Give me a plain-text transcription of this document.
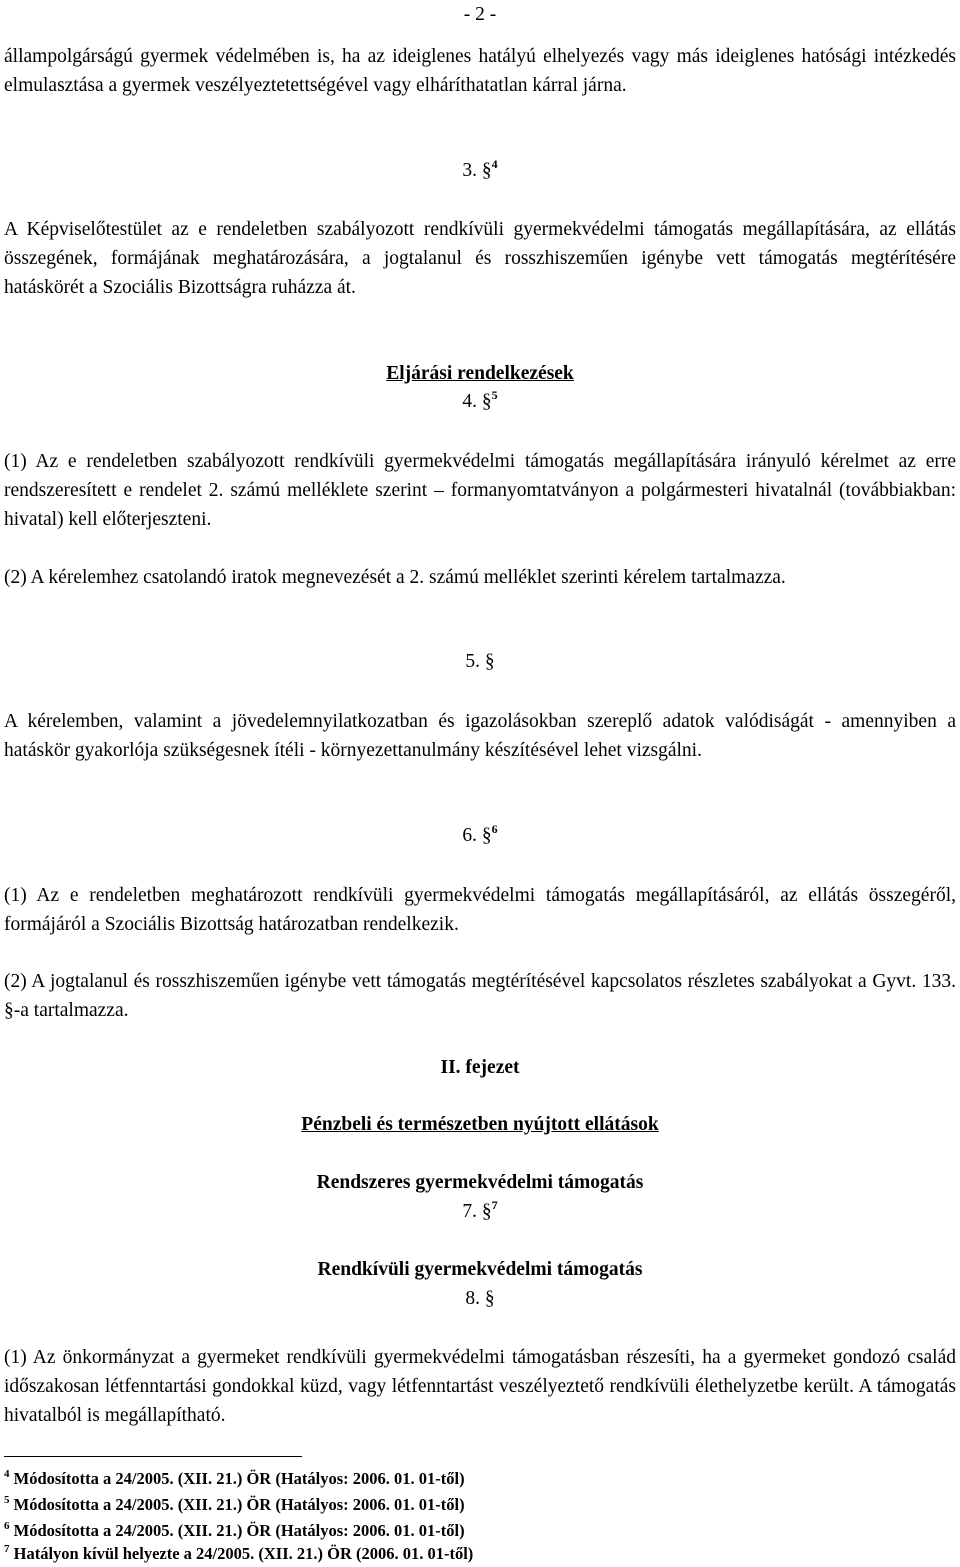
- 2 -

állampolgárságú gyermek védelmében is, ha az ideiglenes hatályú elhelyezés vagy más ideiglenes hatósági intézkedés elmulasztása a gyermek veszélyeztetettségével vagy elháríthatatlan kárral járna.

3. §$^4$

A Képviselőtestület az e rendeletben szabályozott rendkívüli gyermekvédelmi támogatás megállapítására, az ellátás összegének, formájának meghatározására, a jogtalanul és rosszhiszeműen igénybe vett támogatás megtérítésére hatáskörét a Szociális Bizottságra ruházza át.

Eljárási rendelkezések
4. §$^5$

(1) Az e rendeletben szabályozott rendkívüli gyermekvédelmi támogatás megállapítására irányuló kérelmet az erre rendszeresített e rendelet 2. számú melléklete szerint – formanyomtatványon a polgármesteri hivatalnál (továbbiakban: hivatal) kell előterjeszteni.

(2) A kérelemhez csatolandó iratok megnevezését a 2. számú melléklet szerinti kérelem tartalmazza.

5. §

A kérelemben, valamint a jövedelemnyilatkozatban és igazolásokban szereplő adatok valódiságát - amennyiben a hatáskör gyakorlója szükségesnek ítéli - környezettanulmány készítésével lehet vizsgálni.

6. §$^6$

(1) Az e rendeletben meghatározott rendkívüli gyermekvédelmi támogatás megállapításáról, az ellátás összegéről, formájáról a Szociális Bizottság határozatban rendelkezik.

(2) A jogtalanul és rosszhiszeműen igénybe vett támogatás megtérítésével kapcsolatos részletes szabályokat a Gyvt. 133. §-a tartalmazza.

II. fejezet
Pénzbeli és természetben nyújtott ellátások
Rendszeres gyermekvédelmi támogatás
7. §$^7$
Rendkívüli gyermekvédelmi támogatás
8. §

(1) Az önkormányzat a gyermeket rendkívüli gyermekvédelmi támogatásban részesíti, ha a gyermeket gondozó család időszakosan létfenntartási gondokkal küzd, vagy létfenntartást veszélyeztető rendkívüli élethelyzetbe került. A támogatás hivatalból is megállapítható.

$^4$ Módosította a 24/2005. (XII. 21.) ÖR (Hatályos: 2006. 01. 01-től)
$^5$ Módosította a 24/2005. (XII. 21.) ÖR (Hatályos: 2006. 01. 01-től)
$^6$ Módosította a 24/2005. (XII. 21.) ÖR (Hatályos: 2006. 01. 01-től)
$^7$ Hatályon kívül helyezte a 24/2005. (XII. 21.) ÖR (2006. 01. 01-től)
